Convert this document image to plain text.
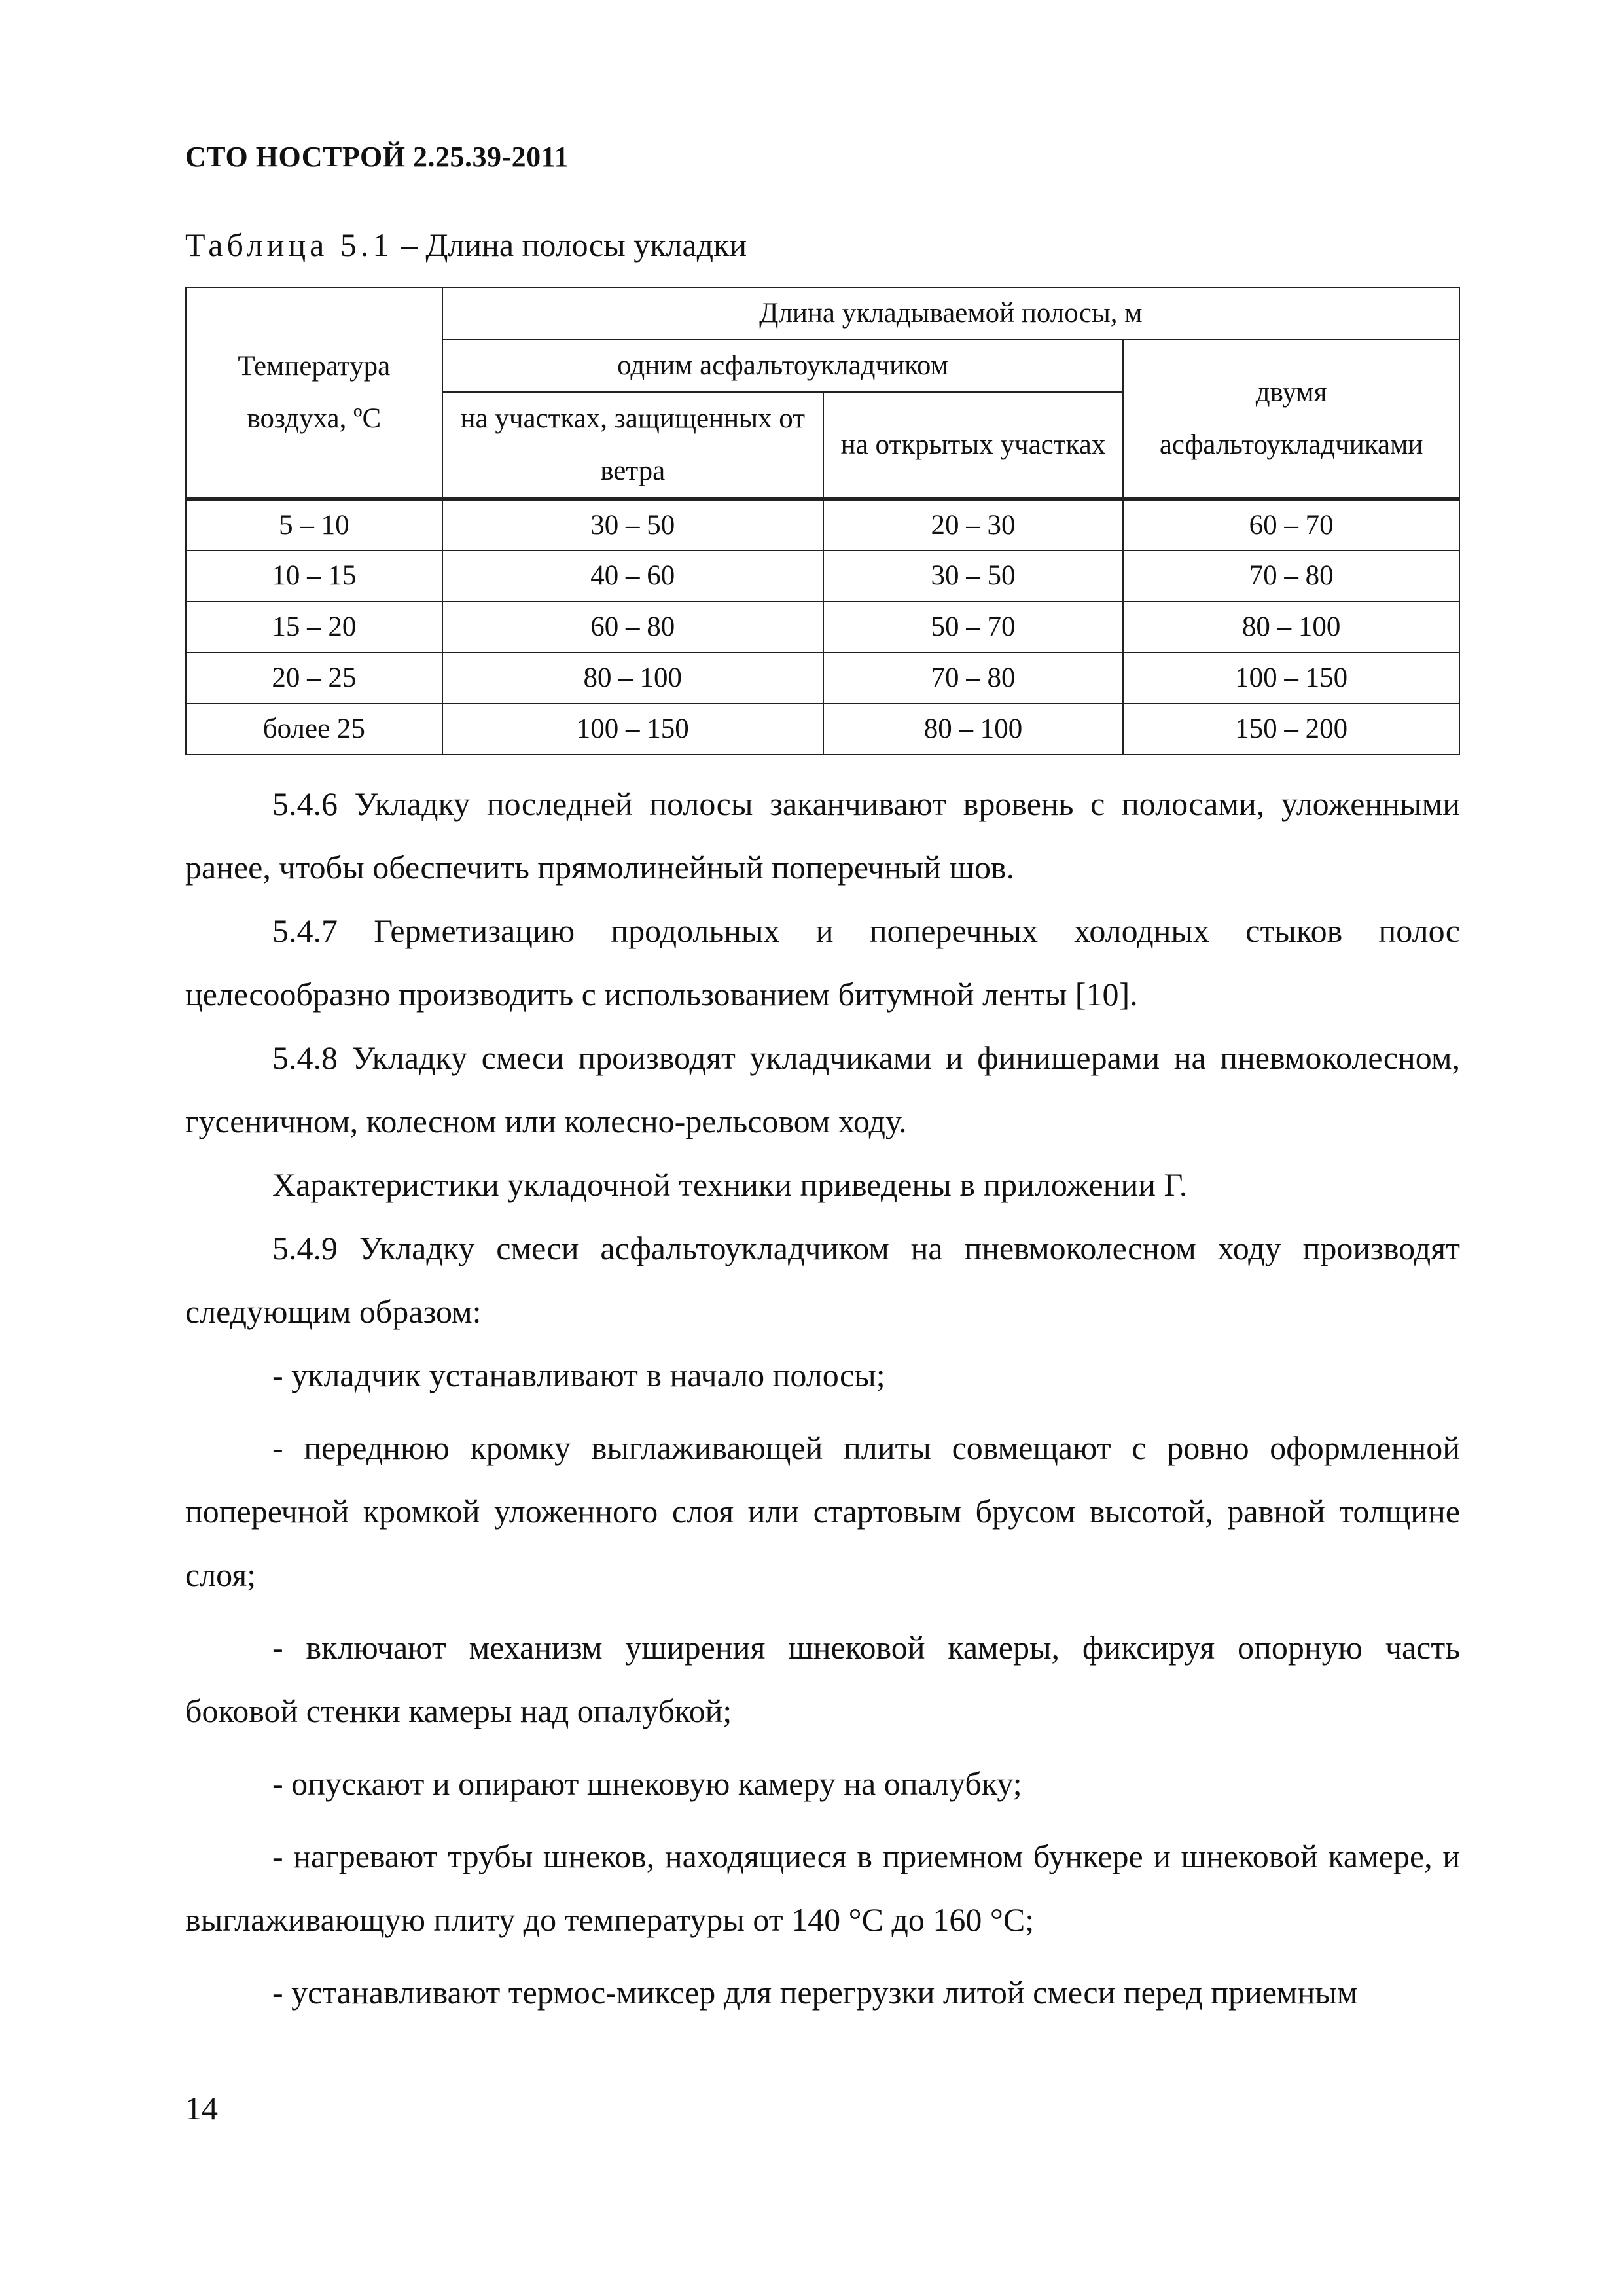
СТО НОСТРОЙ 2.25.39-2011
Таблица 5.1 – Длина полосы укладки
Температура воздуха, ºС	Длина укладываемой полосы, м		
	одним асфальтоукладчиком		двумя асфальтоукладчиками
	на участках, защищенных от ветра	на открытых участках	
5 – 10	30 – 50	20 – 30	60 – 70
10 – 15	40 – 60	30 – 50	70 – 80
15 – 20	60 – 80	50 – 70	80 – 100
20 – 25	80 – 100	70 – 80	100 – 150
более 25	100 – 150	80 – 100	150 – 200

5.4.6 Укладку последней полосы заканчивают вровень с полосами, уложенными ранее, чтобы обеспечить прямолинейный поперечный шов.

5.4.7 Герметизацию продольных и поперечных холодных стыков полос целесообразно производить с использованием битумной ленты [10].

5.4.8 Укладку смеси производят укладчиками и финишерами на пневмоколесном, гусеничном, колесном или колесно-рельсовом ходу.

Характеристики укладочной техники приведены в приложении Г.

5.4.9 Укладку смеси асфальтоукладчиком на пневмоколесном ходу производят следующим образом:

- укладчик устанавливают в начало полосы;

- переднюю кромку выглаживающей плиты совмещают с ровно оформленной поперечной кромкой уложенного слоя или стартовым брусом высотой, равной толщине слоя;

- включают механизм уширения шнековой камеры, фиксируя опорную часть боковой стенки камеры над опалубкой;

- опускают и опирают шнековую камеру на опалубку;

- нагревают трубы шнеков, находящиеся в приемном бункере и шнековой камере, и выглаживающую плиту до температуры от 140 °С до 160 °С;

- устанавливают термос-миксер для перегрузки литой смеси перед приемным

14
